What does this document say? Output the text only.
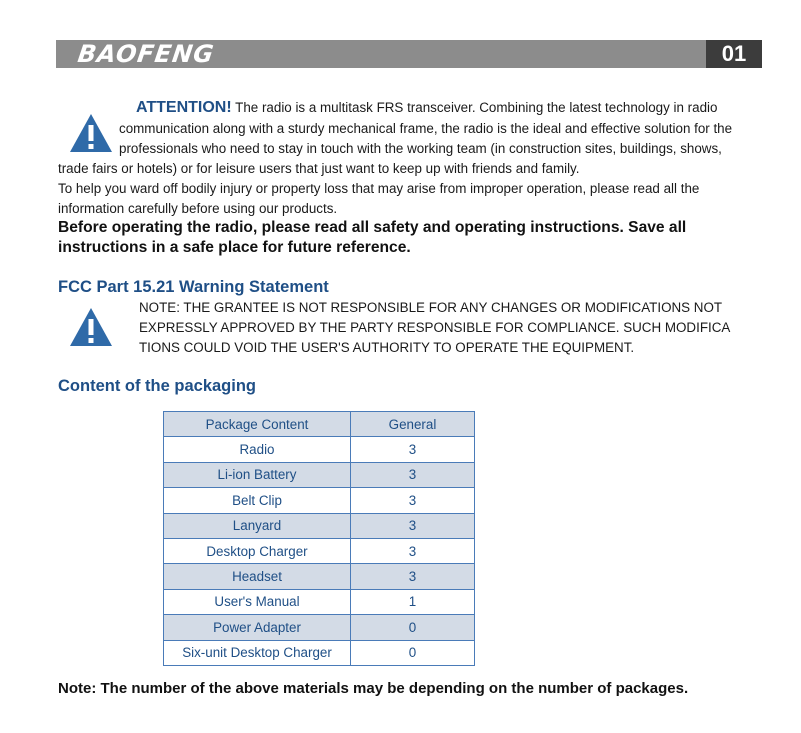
BAOFENG	01
ATTENTION! The radio is a multitask FRS transceiver. Combining the latest technology in radio
communication along with a sturdy mechanical frame, the radio is the ideal and effective solution for the
professionals who need to stay in touch with the working team (in construction sites, buildings, shows,
trade fairs or hotels) or for leisure users that just want to keep up with friends and family.
To help you ward off bodily injury or property loss that may arise from improper operation, please read all the
information carefully before using our products.
Before operating the radio, please read all safety and operating instructions. Save all
instructions in a safe place for future reference.
FCC Part 15.21 Warning Statement
NOTE: THE GRANTEE IS NOT RESPONSIBLE FOR ANY CHANGES OR MODIFICATIONS NOT
EXPRESSLY APPROVED BY THE PARTY RESPONSIBLE FOR COMPLIANCE. SUCH MODIFICA
TIONS COULD VOID THE USER'S AUTHORITY TO OPERATE THE EQUIPMENT.
Content of the packaging
Package Content	General
Radio	3
Li-ion Battery	3
Belt Clip	3
Lanyard	3
Desktop Charger	3
Headset	3
User's Manual	1
Power Adapter	0
Six-unit Desktop Charger	0
Note: The number of the above materials may be depending on the number of packages.
